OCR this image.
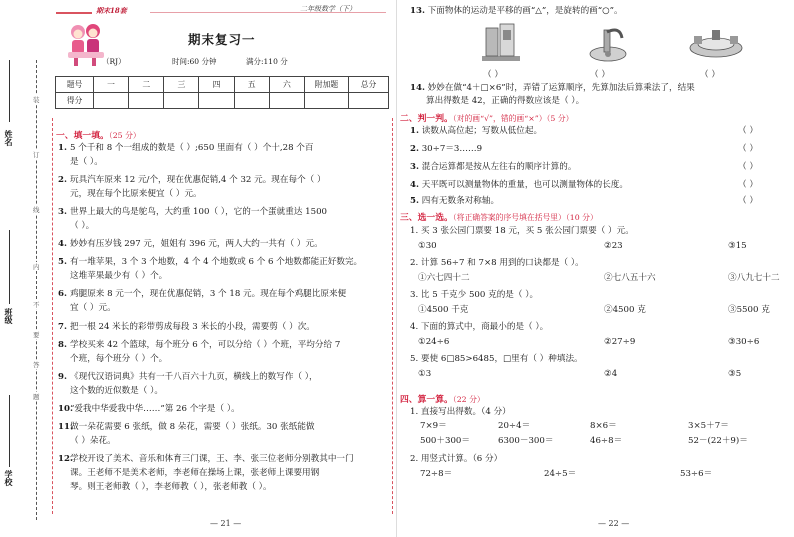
姓名
班级
学校
装
订
线
内
不
要
答
题
期末18套	二年级数学（下）
期末复习一
（RJ）	时间:60 分钟	满分:110 分
题号	一	二	三	四	五	六	附加题	总分
得分								
一、填一填。（25 分）
1. 5 个千和 8 个一组成的数是（ ）;650 里面有（ ）个十,28 个百
是（ ）。
2. 玩具汽车原来 12 元/个，现在优惠促销,4 个 32 元。现在每个（ ）
元，现在每个比原来便宜（ ）元。
3. 世界上最大的鸟是鸵鸟，大约重 100（ ），它的一个蛋就重达 1500
（ ）。
4. 妙妙有压岁钱 297 元，姐姐有 396 元，两人大约一共有（ ）元。
5. 有一堆苹果，3 个 3 个地数，4 个 4 个地数或 6 个 6 个地数都能正好数完。
这堆苹果最少有（ ）个。
6. 鸡腿原来 8 元一个，现在优惠促销，3 个 18 元。现在每个鸡腿比原来便
宜（ ）元。
7. 把一根 24 米长的彩带剪成每段 3 米长的小段，需要剪（ ）次。
8. 学校买来 42 个篮球，每个班分 6 个，可以分给（ ）个班，平均分给 7
个班，每个班分（ ）个。
9. 《现代汉语词典》共有一千八百六十九页，横线上的数写作（ ），
这个数的近似数是（ ）。
10.“爱我中华爱我中华……”第 26 个字是（ ）。
11.做一朵花需要 6 张纸，做 8 朵花，需要（ ）张纸。30 张纸能做
（ ）朵花。
12.学校开设了美术、音乐和体育三门课，王、李、张三位老师分别教其中一门
课。王老师不是美术老师，李老师在操场上课，张老师上课要用钢
琴。则王老师教（ ），李老师教（ ），张老师教（ ）。
— 21 —
13. 下面物体的运动是平移的画“△”，是旋转的画“○”。
（ ）	（ ）	（ ）
14. 妙妙在做“4＋□×6”时，弄错了运算顺序，先算加法后算乘法了，结果
算出得数是 42，正确的得数应该是（ ）。
二、判一判。（对的画“√”，错的画“×”）（5 分）
1. 读数从高位起；写数从低位起。	（ ）
2. 30÷7＝3……9	（ ）
3. 混合运算都是按从左往右的顺序计算的。	（ ）
4. 天平既可以测量物体的重量，也可以测量物体的长度。	（ ）
5. 四有无数条对称轴。	（ ）
三、选一选。（将正确答案的序号填在括号里）（10 分）
1. 买 3 张公园门票要 18 元，买 5 张公园门票要（ ）元。
①30	②23	③15
2. 计算 56÷7 和 7×8 用到的口诀都是（ ）。
①六七四十二	②七八五十六	③八九七十二
3. 比 5 千克少 500 克的是（ ）。
①4500 千克	②4500 克	③5500 克
4. 下面的算式中，商最小的是（ ）。
①24÷6	②27÷9	③30÷6
5. 要使 6□85>6485，□里有（ ）种填法。
①3	②4	③5
四、算一算。（22 分）
1. 直接写出得数。（4 分）
7×9＝	20÷4＝	8×6＝	3×5＋7＝
500＋300＝	6300－300＝	46÷8＝	52－(22＋9)＝
2. 用竖式计算。（6 分）
72÷8＝	24÷5＝	53÷6＝
— 22 —
